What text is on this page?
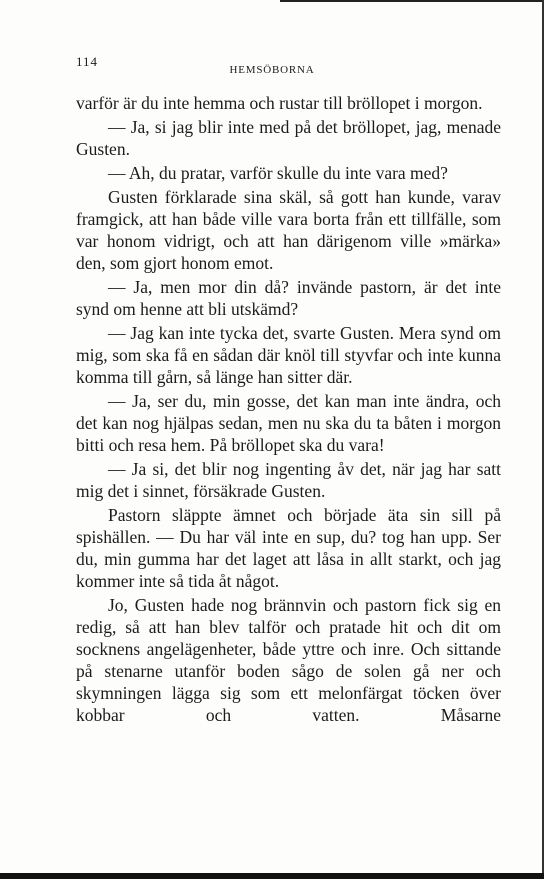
114
HEMSÖBORNA

varför är du inte hemma och rustar till bröllopet i morgon.

— Ja, si jag blir inte med på det bröllopet, jag, menade Gusten.

— Ah, du pratar, varför skulle du inte vara med?

Gusten förklarade sina skäl, så gott han kunde, varav framgick, att han både ville vara borta från ett tillfälle, som var honom vidrigt, och att han därigenom ville »märka» den, som gjort honom emot.

— Ja, men mor din då? invände pastorn, är det inte synd om henne att bli utskämd?

— Jag kan inte tycka det, svarte Gusten. Mera synd om mig, som ska få en sådan där knöl till styvfar och inte kunna komma till gårn, så länge han sitter där.

— Ja, ser du, min gosse, det kan man inte ändra, och det kan nog hjälpas sedan, men nu ska du ta båten i morgon bitti och resa hem. På bröllopet ska du vara!

— Ja si, det blir nog ingenting åv det, när jag har satt mig det i sinnet, försäkrade Gusten.

Pastorn släppte ämnet och började äta sin sill på spishällen. — Du har väl inte en sup, du? tog han upp. Ser du, min gumma har det laget att låsa in allt starkt, och jag kommer inte så tida åt något.

Jo, Gusten hade nog brännvin och pastorn fick sig en redig, så att han blev talför och pratade hit och dit om socknens angelägenheter, både yttre och inre. Och sittande på stenarne utanför boden sågo de solen gå ner och skymningen lägga sig som ett melonfärgat töcken över kobbar och vatten. Måsarne
